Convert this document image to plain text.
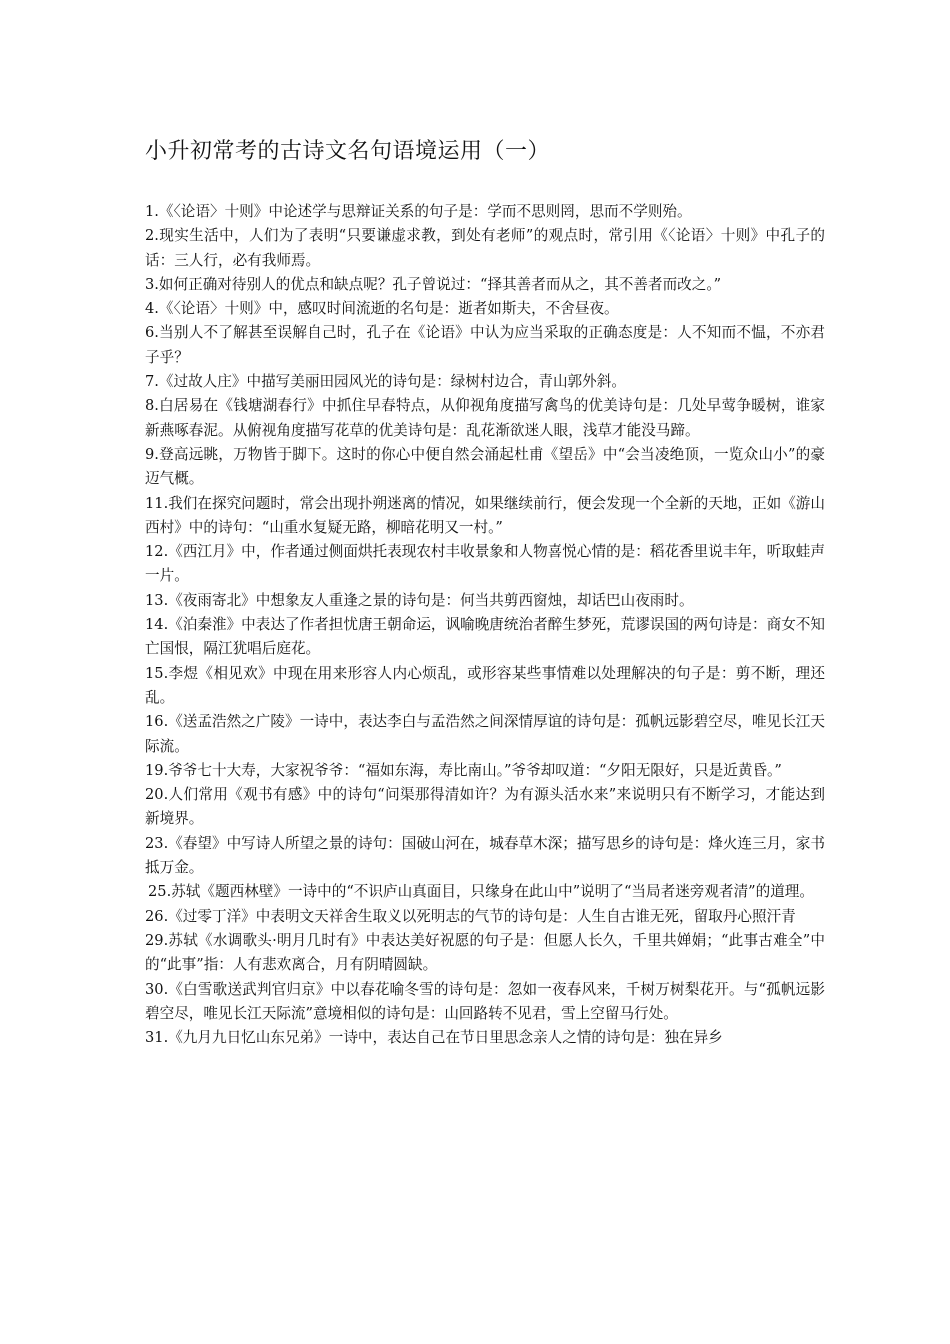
小升初常考的古诗文名句语境运用（一）

1.《〈论语〉十则》中论述学与思辩证关系的句子是：学而不思则罔，思而不学则殆。

2.现实生活中，人们为了表明“只要谦虚求教，到处有老师”的观点时，常引用《〈论语〉十则》中孔子的话：三人行，必有我师焉。

3.如何正确对待别人的优点和缺点呢？孔子曾说过：“择其善者而从之，其不善者而改之。”

4.《〈论语〉十则》中，感叹时间流逝的名句是：逝者如斯夫，不舍昼夜。

6.当别人不了解甚至误解自己时，孔子在《论语》中认为应当采取的正确态度是：人不知而不愠，不亦君子乎？

7.《过故人庄》中描写美丽田园风光的诗句是：绿树村边合，青山郭外斜。

8.白居易在《钱塘湖春行》中抓住早春特点，从仰视角度描写禽鸟的优美诗句是：几处早莺争暖树，谁家新燕啄春泥。从俯视角度描写花草的优美诗句是：乱花渐欲迷人眼，浅草才能没马蹄。

9.登高远眺，万物皆于脚下。这时的你心中便自然会涌起杜甫《望岳》中“会当凌绝顶，一览众山小”的豪迈气概。

11.我们在探究问题时，常会出现扑朔迷离的情况，如果继续前行，便会发现一个全新的天地，正如《游山西村》中的诗句：“山重水复疑无路，柳暗花明又一村。”

12.《西江月》中，作者通过侧面烘托表现农村丰收景象和人物喜悦心情的是：稻花香里说丰年，听取蛙声一片。

13.《夜雨寄北》中想象友人重逢之景的诗句是：何当共剪西窗烛，却话巴山夜雨时。

14.《泊秦淮》中表达了作者担忧唐王朝命运，讽喻晚唐统治者醉生梦死，荒谬误国的两句诗是：商女不知亡国恨，隔江犹唱后庭花。

15.李煜《相见欢》中现在用来形容人内心烦乱，或形容某些事情难以处理解决的句子是：剪不断，理还乱。

16.《送孟浩然之广陵》一诗中，表达李白与孟浩然之间深情厚谊的诗句是：孤帆远影碧空尽，唯见长江天际流。

19.爷爷七十大寿，大家祝爷爷：“福如东海，寿比南山。”爷爷却叹道：“夕阳无限好，只是近黄昏。”

20.人们常用《观书有感》中的诗句“问渠那得清如许？为有源头活水来”来说明只有不断学习，才能达到新境界。

23.《春望》中写诗人所望之景的诗句：国破山河在，城春草木深；描写思乡的诗句是：烽火连三月，家书抵万金。

25.苏轼《题西林壁》一诗中的“不识庐山真面目，只缘身在此山中”说明了“当局者迷旁观者清”的道理。

26.《过零丁洋》中表明文天祥舍生取义以死明志的气节的诗句是：人生自古谁无死，留取丹心照汗青

29.苏轼《水调歌头·明月几时有》中表达美好祝愿的句子是：但愿人长久，千里共婵娟；“此事古难全”中的“此事”指：人有悲欢离合，月有阴晴圆缺。

30.《白雪歌送武判官归京》中以春花喻冬雪的诗句是：忽如一夜春风来，千树万树梨花开。与“孤帆远影碧空尽，唯见长江天际流”意境相似的诗句是：山回路转不见君，雪上空留马行处。

31.《九月九日忆山东兄弟》一诗中，表达自己在节日里思念亲人之情的诗句是：独在异乡
